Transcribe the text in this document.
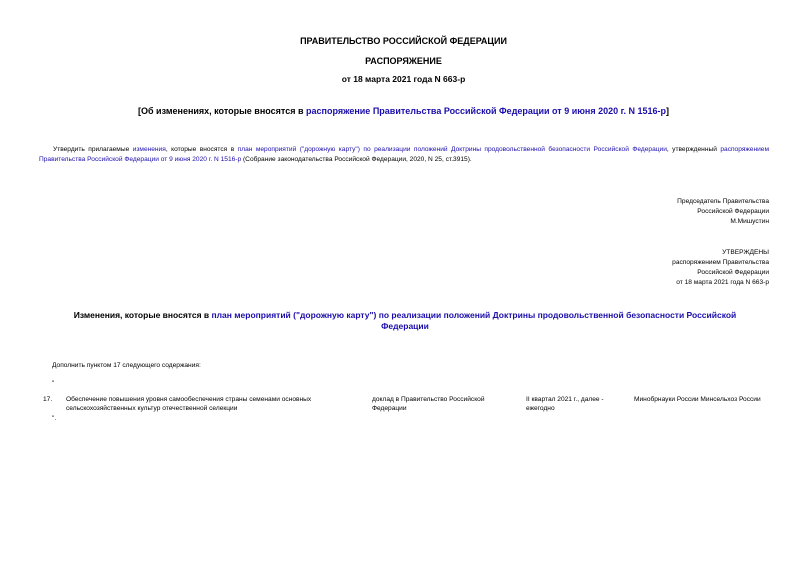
ПРАВИТЕЛЬСТВО РОССИЙСКОЙ ФЕДЕРАЦИИ
РАСПОРЯЖЕНИЕ
от 18 марта 2021 года N 663-р
[Об изменениях, которые вносятся в распоряжение Правительства Российской Федерации от 9 июня 2020 г. N 1516-р]
Утвердить прилагаемые изменения, которые вносятся в план мероприятий ("дорожную карту") по реализации положений Доктрины продовольственной безопасности Российской Федерации, утвержденный распоряжением Правительства Российской Федерации от 9 июня 2020 г. N 1516-р (Собрание законодательства Российской Федерации, 2020, N 25, ст.3915).
Председатель Правительства
Российской Федерации
М.Мишустин
УТВЕРЖДЕНЫ
распоряжением Правительства
Российской Федерации
от 18 марта 2021 года N 663-р
Изменения, которые вносятся в план мероприятий ("дорожную карту") по реализации положений Доктрины продовольственной безопасности Российской Федерации
Дополнить пунктом 17 следующего содержания:
"
17. Обеспечение повышения уровня самообеспечения страны семенами основных сельскохозяйственных культур отечественной селекции
доклад в Правительство Российской Федерации
II квартал 2021 г., далее - ежегодно
Минобрнауки России Минсельхоз России
".
